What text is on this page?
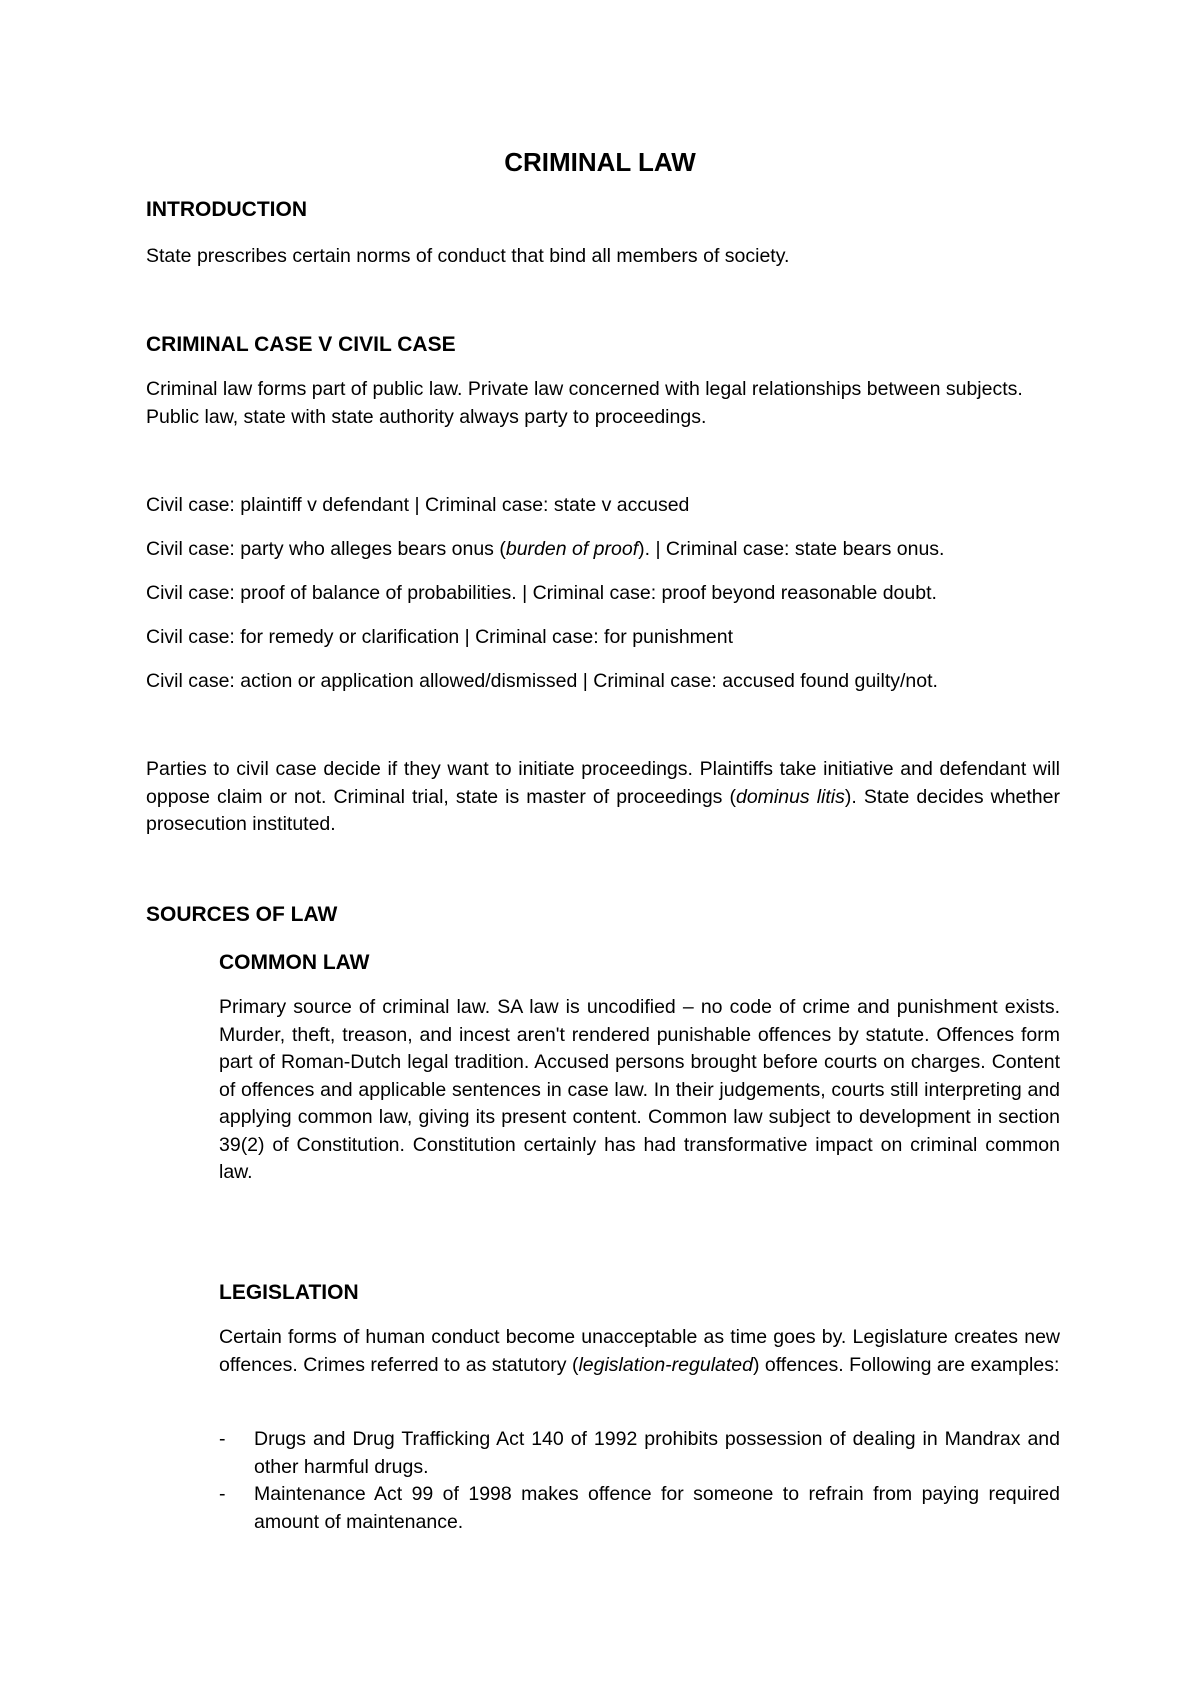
CRIMINAL LAW
INTRODUCTION

State prescribes certain norms of conduct that bind all members of society.

CRIMINAL CASE V CIVIL CASE

Criminal law forms part of public law. Private law concerned with legal relationships between subjects. Public law, state with state authority always party to proceedings.

Civil case: plaintiff v defendant | Criminal case: state v accused

Civil case: party who alleges bears onus (burden of proof). | Criminal case: state bears onus.

Civil case: proof of balance of probabilities. | Criminal case: proof beyond reasonable doubt.

Civil case: for remedy or clarification | Criminal case: for punishment

Civil case: action or application allowed/dismissed | Criminal case: accused found guilty/not.

Parties to civil case decide if they want to initiate proceedings. Plaintiffs take initiative and defendant will oppose claim or not. Criminal trial, state is master of proceedings (dominus litis). State decides whether prosecution instituted.

SOURCES OF LAW
COMMON LAW

Primary source of criminal law. SA law is uncodified – no code of crime and punishment exists. Murder, theft, treason, and incest aren't rendered punishable offences by statute. Offences form part of Roman-Dutch legal tradition. Accused persons brought before courts on charges. Content of offences and applicable sentences in case law. In their judgements, courts still interpreting and applying common law, giving its present content. Common law subject to development in section 39(2) of Constitution. Constitution certainly has had transformative impact on criminal common law.

LEGISLATION

Certain forms of human conduct become unacceptable as time goes by. Legislature creates new offences. Crimes referred to as statutory (legislation-regulated) offences. Following are examples:

- Drugs and Drug Trafficking Act 140 of 1992 prohibits possession of dealing in Mandrax and other harmful drugs.
- Maintenance Act 99 of 1998 makes offence for someone to refrain from paying required amount of maintenance.
